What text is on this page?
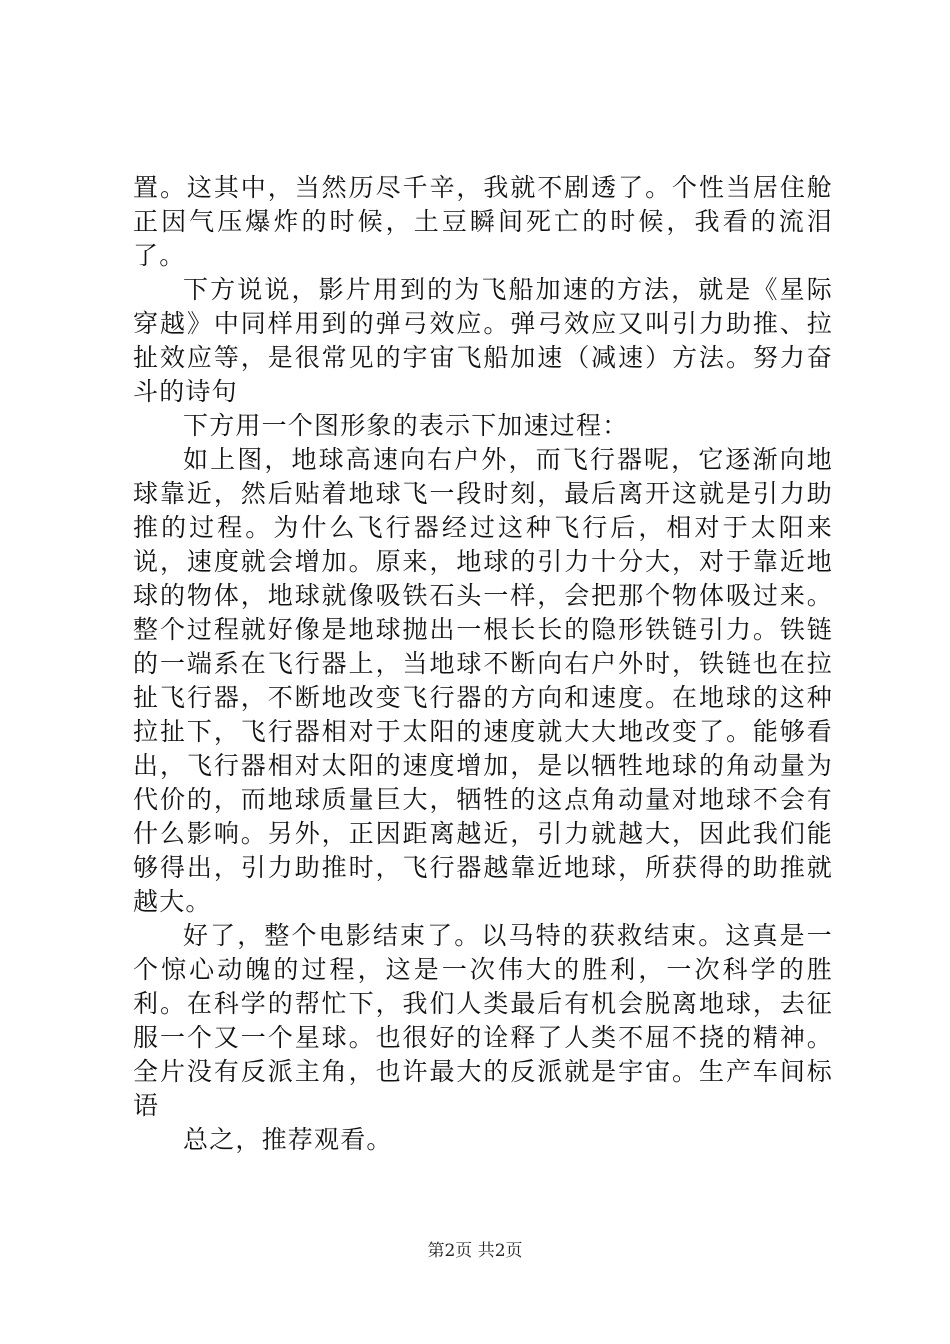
置。这其中，当然历尽千辛，我就不剧透了。个性当居住舱正因气压爆炸的时候，土豆瞬间死亡的时候，我看的流泪了。

下方说说，影片用到的为飞船加速的方法，就是《星际穿越》中同样用到的弹弓效应。弹弓效应又叫引力助推、拉扯效应等，是很常见的宇宙飞船加速（减速）方法。努力奋斗的诗句

下方用一个图形象的表示下加速过程：

如上图，地球高速向右户外，而飞行器呢，它逐渐向地球靠近，然后贴着地球飞一段时刻，最后离开这就是引力助推的过程。为什么飞行器经过这种飞行后，相对于太阳来说，速度就会增加。原来，地球的引力十分大，对于靠近地球的物体，地球就像吸铁石头一样，会把那个物体吸过来。整个过程就好像是地球抛出一根长长的隐形铁链引力。铁链的一端系在飞行器上，当地球不断向右户外时，铁链也在拉扯飞行器，不断地改变飞行器的方向和速度。在地球的这种拉扯下，飞行器相对于太阳的速度就大大地改变了。能够看出，飞行器相对太阳的速度增加，是以牺牲地球的角动量为代价的，而地球质量巨大，牺牲的这点角动量对地球不会有什么影响。另外，正因距离越近，引力就越大，因此我们能够得出，引力助推时，飞行器越靠近地球，所获得的助推就越大。

好了，整个电影结束了。以马特的获救结束。这真是一个惊心动魄的过程，这是一次伟大的胜利，一次科学的胜利。在科学的帮忙下，我们人类最后有机会脱离地球，去征服一个又一个星球。也很好的诠释了人类不屈不挠的精神。全片没有反派主角，也许最大的反派就是宇宙。生产车间标语

总之，推荐观看。

第2页 共2页
